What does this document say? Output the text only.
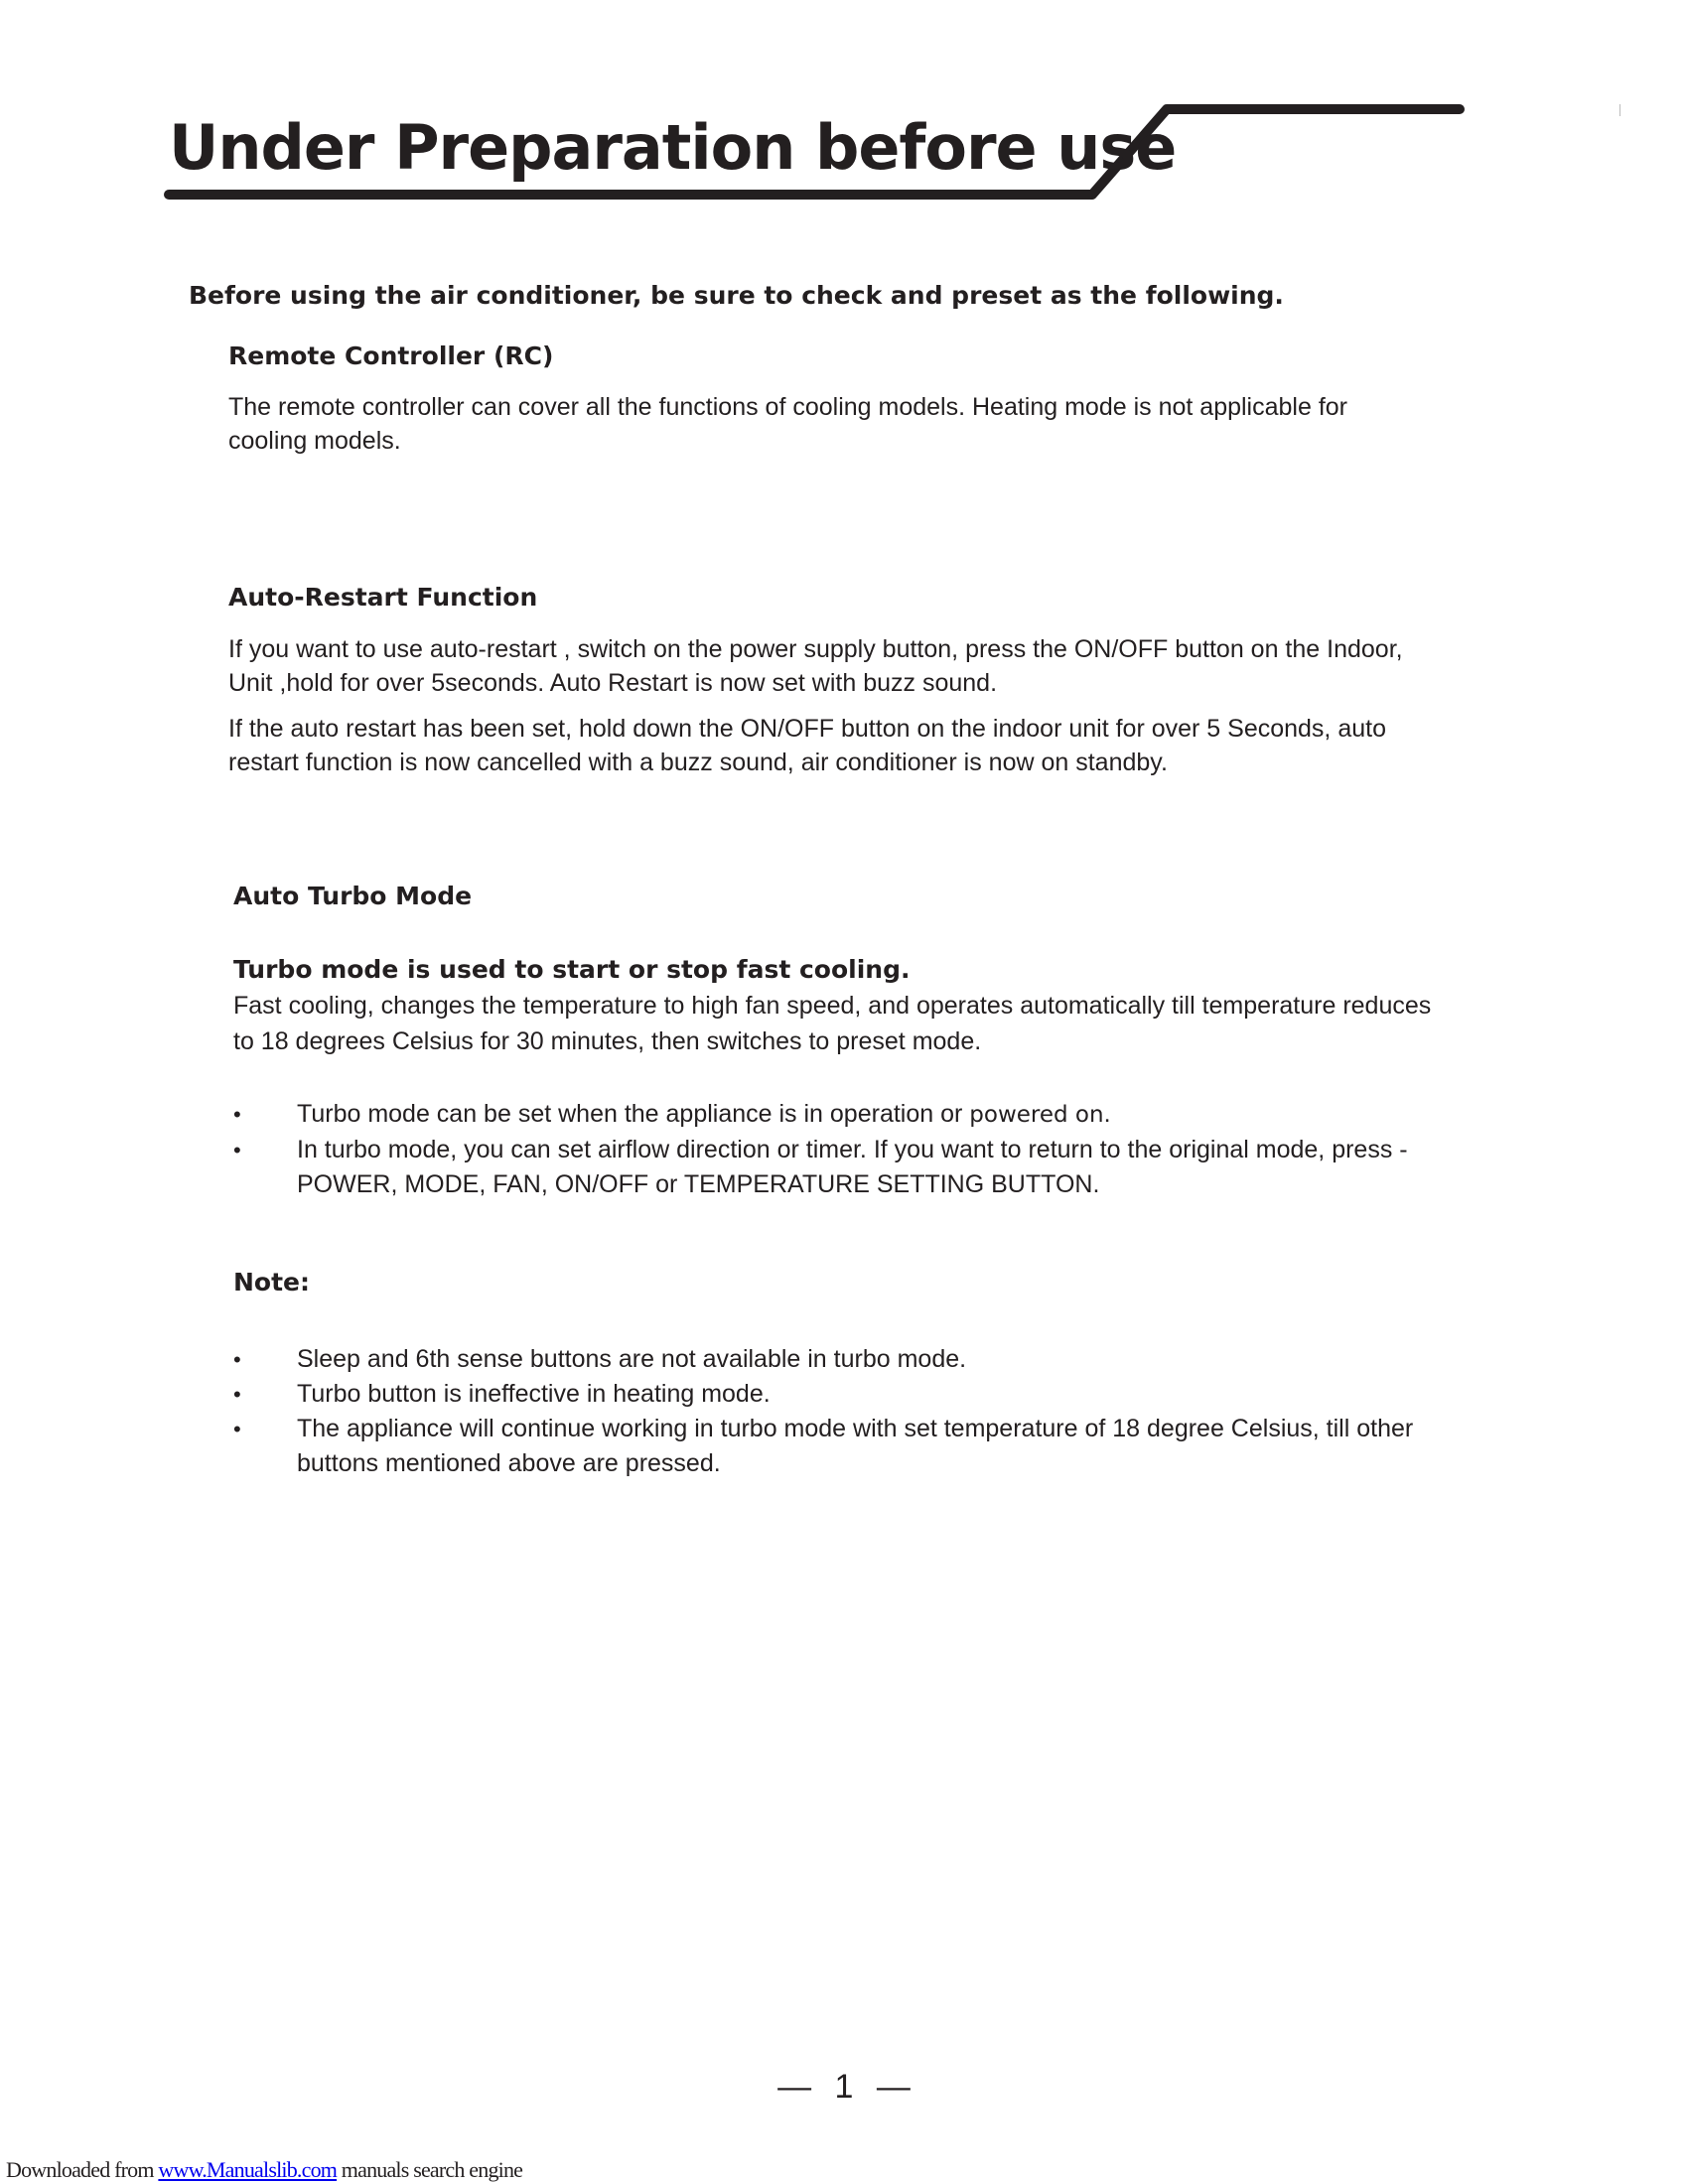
Under Preparation before use
Before using the air conditioner, be sure to check and preset as the following.
Remote Controller (RC)
The remote controller can cover all the functions of cooling models. Heating mode is not applicable for
cooling models.
Auto-Restart Function
If you want to use auto-restart , switch on the power supply button, press the ON/OFF button on the Indoor,
Unit ,hold for over 5seconds. Auto Restart is now set with buzz sound.
If the auto restart has been set, hold down the ON/OFF button on the indoor unit for over 5 Seconds, auto
restart function is now cancelled with a buzz sound, air conditioner is now on standby.
Auto Turbo Mode
Turbo mode is used to start or stop fast cooling.
Fast cooling, changes the temperature to high fan speed, and operates automatically till temperature reduces
to 18 degrees Celsius for 30 minutes, then switches to preset mode.
• Turbo mode can be set when the appliance is in operation or powered on.
• In turbo mode, you can set airflow direction or timer. If you want to return to the original mode, press -
POWER, MODE, FAN, ON/OFF or TEMPERATURE SETTING BUTTON.
Note:
• Sleep and 6th sense buttons are not available in turbo mode.
• Turbo button is ineffective in heating mode.
• The appliance will continue working in turbo mode with set temperature of 18 degree Celsius, till other
buttons mentioned above are pressed.
— 1 —
Downloaded from www.Manualslib.com manuals search engine
